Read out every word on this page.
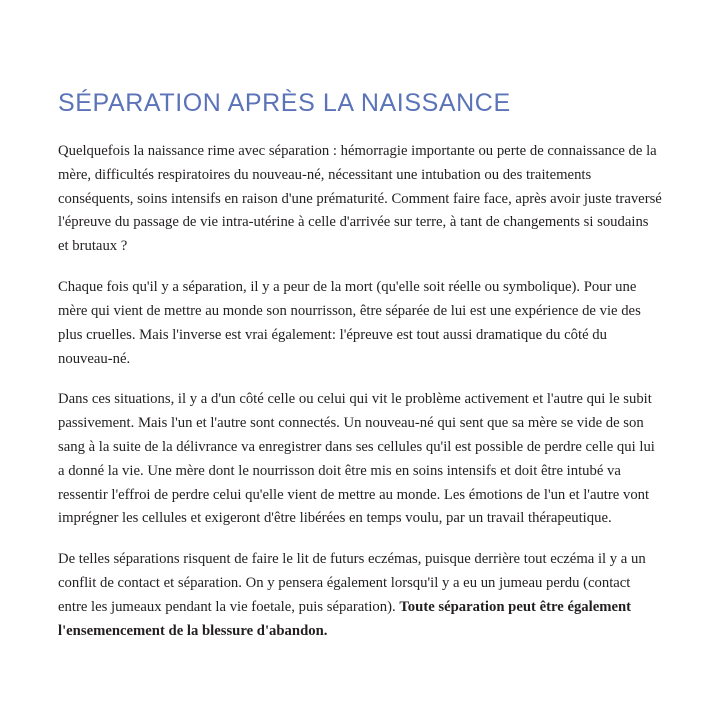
SÉPARATION APRÈS LA NAISSANCE

Quelquefois la naissance rime avec séparation : hémorragie importante ou perte de connaissance de la mère, difficultés respiratoires du nouveau-né, nécessitant une intubation ou des traitements conséquents, soins intensifs en raison d'une prématurité. Comment faire face, après avoir juste traversé l'épreuve du passage de vie intra-utérine à celle d'arrivée sur terre, à tant de changements si soudains et brutaux ?

Chaque fois qu'il y a séparation, il y a peur de la mort (qu'elle soit réelle ou symbolique). Pour une mère qui vient de mettre au monde son nourrisson, être séparée de lui est une expérience de vie des plus cruelles. Mais l'inverse est vrai également: l'épreuve est tout aussi dramatique du côté du nouveau-né.

Dans ces situations, il y a d'un côté celle ou celui qui vit le problème activement et l'autre qui le subit passivement. Mais l'un et l'autre sont connectés. Un nouveau-né qui sent que sa mère se vide de son sang à la suite de la délivrance va enregistrer dans ses cellules qu'il est possible de perdre celle qui lui a donné la vie. Une mère dont le nourrisson doit être mis en soins intensifs et doit être intubé va ressentir l'effroi de perdre celui qu'elle vient de mettre au monde. Les émotions de l'un et l'autre vont imprégner les cellules et exigeront d'être libérées en temps voulu, par un travail thérapeutique.

De telles séparations risquent de faire le lit de futurs eczémas, puisque derrière tout eczéma il y a un conflit de contact et séparation. On y pensera également lorsqu'il y a eu un jumeau perdu (contact entre les jumeaux pendant la vie foetale, puis séparation). Toute séparation peut être également l'ensemencement de la blessure d'abandon.
